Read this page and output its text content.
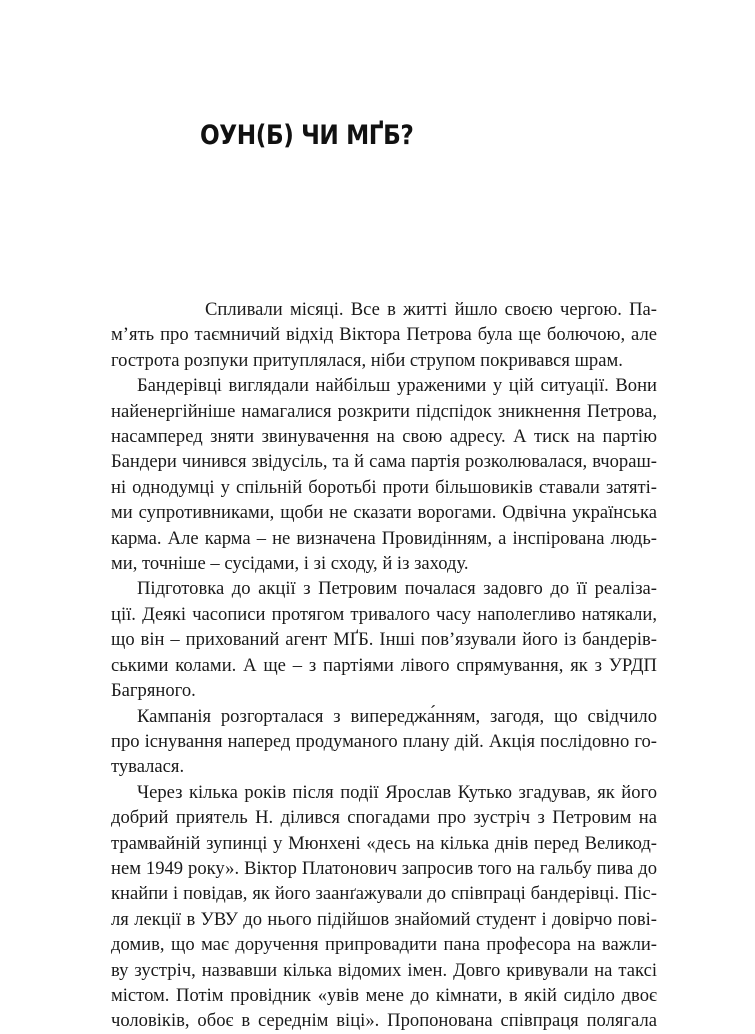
ОУН(Б) ЧИ МҐБ?

Спливали місяці. Все в житті йшло своєю чергою. Па-
м’ять про таємничий відхід Віктора Петрова була ще болючою, але
гострота розпуки притуплялася, ніби струпом покривався шрам.

Бандерівці виглядали найбільш ураженими у цій ситуації. Вони
найенергійніше намагалися розкрити підспідок зникнення Петрова,
насамперед зняти звинувачення на свою адресу. А тиск на партію
Бандери чинився звідусіль, та й сама партія розколювалася, вчораш-
ні однодумці у спільній боротьбі проти більшовиків ставали затяті-
ми супротивниками, щоби не сказати ворогами. Одвічна українська
карма. Але карма – не визначена Провидінням, а інспірована людь-
ми, точніше – сусідами, і зі сходу, й із заходу.

Підготовка до акції з Петровим почалася задовго до її реаліза-
ції. Деякі часописи протягом тривалого часу наполегливо натякали,
що він – прихований агент МҐБ. Інші пов’язували його із бандерів-
ськими колами. А ще – з партіями лівого спрямування, як з УРДП
Багряного.

Кампанія розгорталася з випереджа́нням, загодя, що свідчило
про існування наперед продуманого плану дій. Акція послідовно го-
тувалася.

Через кілька років після події Ярослав Кутько згадував, як його
добрий приятель Н. ділився спогадами про зустріч з Петровим на
трамвайній зупинці у Мюнхені «десь на кілька днів перед Великод-
нем 1949 року». Віктор Платонович запросив того на гальбу пива до
кнайпи і повідав, як його заанґажували до співпраці бандерівці. Піс-
ля лекції в УВУ до нього підійшов знайомий студент і довірчо пові-
домив, що має доручення припровадити пана професора на важли-
ву зустріч, назвавши кілька відомих імен. Довго кривували на таксі
містом. Потім провідник «увів мене до кімнати, в якій сиділо двоє
чоловіків, обоє в середнім віці». Пропонована співпраця полягала
